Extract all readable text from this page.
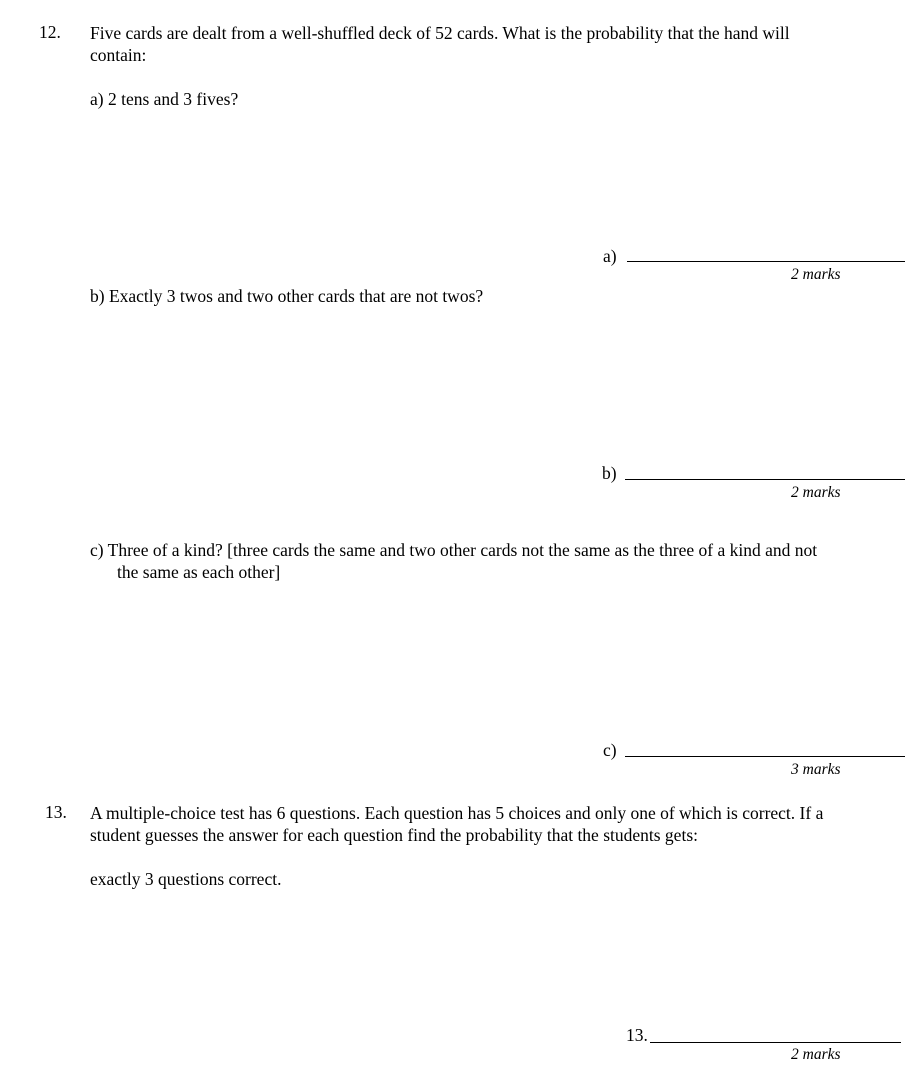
12. Five cards are dealt from a well-shuffled deck of 52 cards. What is the probability that the hand will
contain:
a) 2 tens and 3 fives?
a)
2 marks
b) Exactly 3 twos and two other cards that are not twos?
b)
2 marks
c) Three of a kind? [three cards the same and two other cards not the same as the three of a kind and not
the same as each other]
c)
3 marks
13. A multiple-choice test has 6 questions. Each question has 5 choices and only one of which is correct. If a
student guesses the answer for each question find the probability that the students gets:
exactly 3 questions correct.
13.
2 marks
